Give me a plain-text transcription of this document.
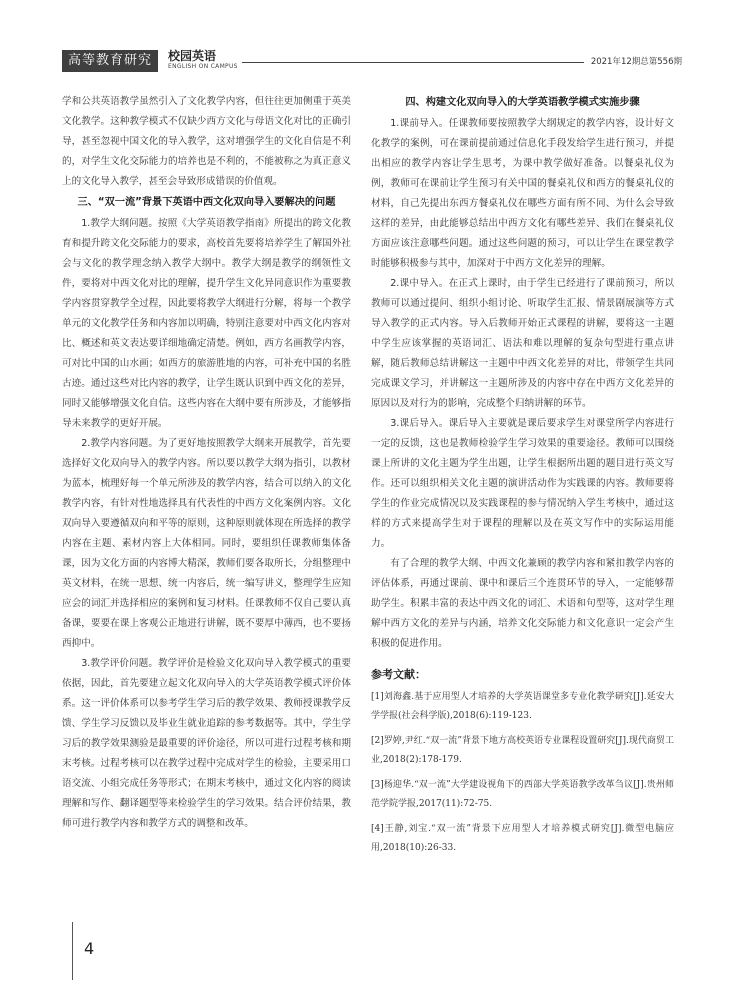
高等教育研究	校园英语
ENGLISH ON CAMPUS	2021年12期总第556期

学和公共英语教学虽然引入了文化教学内容，但往往更加侧重于英美文化教学。这种教学模式不仅缺少西方文化与母语文化对比的正确引导，甚至忽视中国文化的导入教学，这对增强学生的文化自信是不利的，对学生文化交际能力的培养也是不利的，不能被称之为真正意义上的文化导入教学，甚至会导致形成错误的价值观。

三、“双一流”背景下英语中西文化双向导入要解决的问题

1.教学大纲问题。按照《大学英语教学指南》所提出的跨文化教育和提升跨文化交际能力的要求，高校首先要将培养学生了解国外社会与文化的教学理念纳入教学大纲中。教学大纲是教学的纲领性文件，要将对中西文化对比的理解，提升学生文化异同意识作为重要教学内容贯穿教学全过程，因此要将教学大纲进行分解，将每一个教学单元的文化教学任务和内容加以明确，特别注意要对中西文化内容对比、概述和英文表达要详细地确定清楚。例如，西方名画教学内容，可对比中国的山水画；如西方的旅游胜地的内容，可补充中国的名胜古迹。通过这些对比内容的教学，让学生既认识到中西文化的差异，同时又能够增强文化自信。这些内容在大纲中要有所涉及，才能够指导未来教学的更好开展。

2.教学内容问题。为了更好地按照教学大纲来开展教学，首先要选择好文化双向导入的教学内容。所以要以教学大纲为指引，以教材为蓝本，梳理好每一个单元所涉及的教学内容，结合可以纳入的文化教学内容，有针对性地选择具有代表性的中西方文化案例内容。文化双向导入要遵循双向和平等的原则，这种原则就体现在所选择的教学内容在主题、素材内容上大体相同。同时，要组织任课教师集体备课，因为文化方面的内容博大精深，教师们要各取所长，分组整理中英文材料，在统一思想、统一内容后，统一编写讲义，整理学生应知应会的词汇并选择相应的案例和复习材料。任课教师不仅自己要认真备课，要要在课上客观公正地进行讲解，既不要厚中薄西，也不要扬西抑中。

3.教学评价问题。教学评价是检验文化双向导入教学模式的重要依据，因此，首先要建立起文化双向导入的大学英语教学模式评价体系。这一评价体系可以参考学生学习后的教学效果、教师授课教学反馈、学生学习反馈以及毕业生就业追踪的参考数据等。其中，学生学习后的教学效果测验是最重要的评价途径，所以可进行过程考核和期末考核。过程考核可以在教学过程中完成对学生的检验，主要采用口语交流、小组完成任务等形式；在期末考核中，通过文化内容的阅读理解和写作、翻译题型等来检验学生的学习效果。结合评价结果，教师可进行教学内容和教学方式的调整和改革。

四、构建文化双向导入的大学英语教学模式实施步骤

1.课前导入。任课教师要按照教学大纲规定的教学内容，设计好文化教学的案例，可在课前提前通过信息化手段发给学生进行预习，并提出相应的教学内容让学生思考，为课中教学做好准备。以餐桌礼仪为例，教师可在课前让学生预习有关中国的餐桌礼仪和西方的餐桌礼仪的材料，自己先提出东西方餐桌礼仪在哪些方面有所不同、为什么会导致这样的差异，由此能够总结出中西方文化有哪些差异、我们在餐桌礼仪方面应该注意哪些问题。通过这些问题的预习，可以让学生在课堂教学时能够积极参与其中，加深对于中西方文化差异的理解。

2.课中导入。在正式上课时，由于学生已经进行了课前预习，所以教师可以通过提问、组织小组讨论、听取学生汇报、情景剧展演等方式导入教学的正式内容。导入后教师开始正式课程的讲解，要将这一主题中学生应该掌握的英语词汇、语法和难以理解的复杂句型进行重点讲解，随后教师总结讲解这一主题中中西文化差异的对比，带领学生共同完成课文学习，并讲解这一主题所涉及的内容中存在中西方文化差异的原因以及对行为的影响，完成整个归纳讲解的环节。

3.课后导入。课后导入主要就是课后要求学生对课堂所学内容进行一定的反馈，这也是教师检验学生学习效果的重要途径。教师可以围绕课上所讲的文化主题为学生出题，让学生根据所出题的题目进行英文写作。还可以组织相关文化主题的演讲活动作为实践课的内容。教师要将学生的作业完成情况以及实践课程的参与情况纳入学生考核中，通过这样的方式来提高学生对于课程的理解以及在英文写作中的实际运用能力。

有了合理的教学大纲、中西文化兼顾的教学内容和紧扣教学内容的评估体系，再通过课前、课中和课后三个连贯环节的导入，一定能够帮助学生。积累丰富的表达中西文化的词汇、术语和句型等，这对学生理解中西方文化的差异与内涵，培养文化交际能力和文化意识一定会产生积极的促进作用。

参考文献：

[1]刘海鑫.基于应用型人才培养的大学英语课堂多专业化教学研究[J].延安大学学报(社会科学版),2018(6):119-123.

[2]罗婷,尹红.“双一流”背景下地方高校英语专业课程设置研究[J].现代商贸工业,2018(2):178-179.

[3]杨迎华.“双一流”大学建设视角下的西部大学英语教学改革刍议[J].贵州师范学院学报,2017(11):72-75.

[4]王静,刘宝.“双一流”背景下应用型人才培养模式研究[J].微型电脑应用,2018(10):26-33.

4
